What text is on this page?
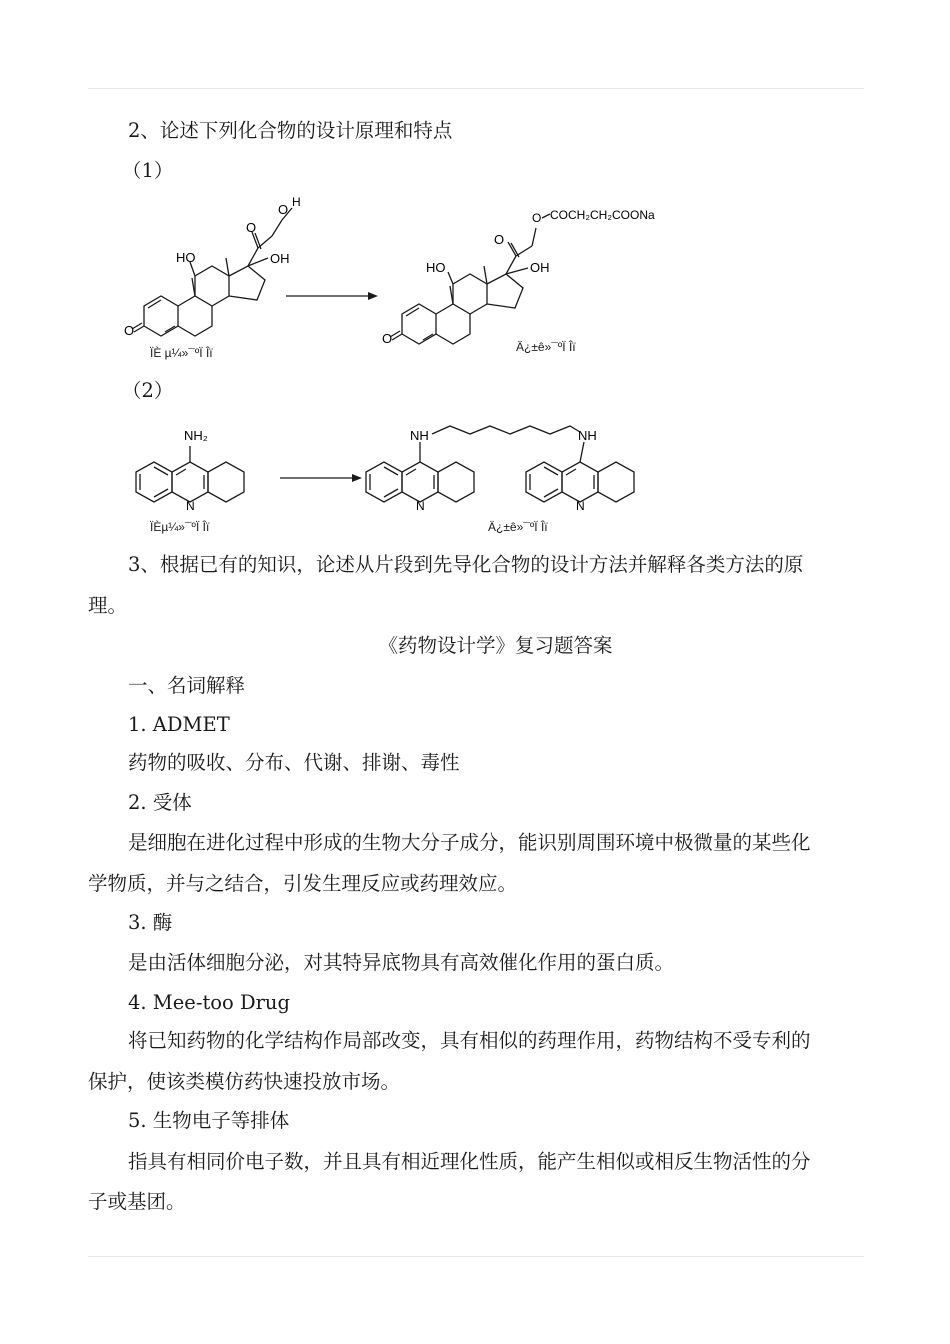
2、论述下列化合物的设计原理和特点
（1）
O
HO	OH
O
O H
ÏÈ µ¼»¯ºÏ Îï
O
HO	OH
O
O COCH₂CH₂COONa
Ä¿±ê»¯ºÏ Îï
（2）
NH₂
N
ÏÈµ¼»¯ºÏ Îï
NH	NH
N	N
Ä¿±ê»¯ºÏ Îï
3、根据已有的知识，论述从片段到先导化合物的设计方法并解释各类方法的原
理。
《药物设计学》复习题答案
一、名词解释
1. ADMET
药物的吸收、分布、代谢、排谢、毒性
2. 受体
是细胞在进化过程中形成的生物大分子成分，能识别周围环境中极微量的某些化
学物质，并与之结合，引发生理反应或药理效应。
3. 酶
是由活体细胞分泌，对其特异底物具有高效催化作用的蛋白质。
4. Mee-too Drug
将已知药物的化学结构作局部改变，具有相似的药理作用，药物结构不受专利的
保护，使该类模仿药快速投放市场。
5. 生物电子等排体
指具有相同价电子数，并且具有相近理化性质，能产生相似或相反生物活性的分
子或基团。
